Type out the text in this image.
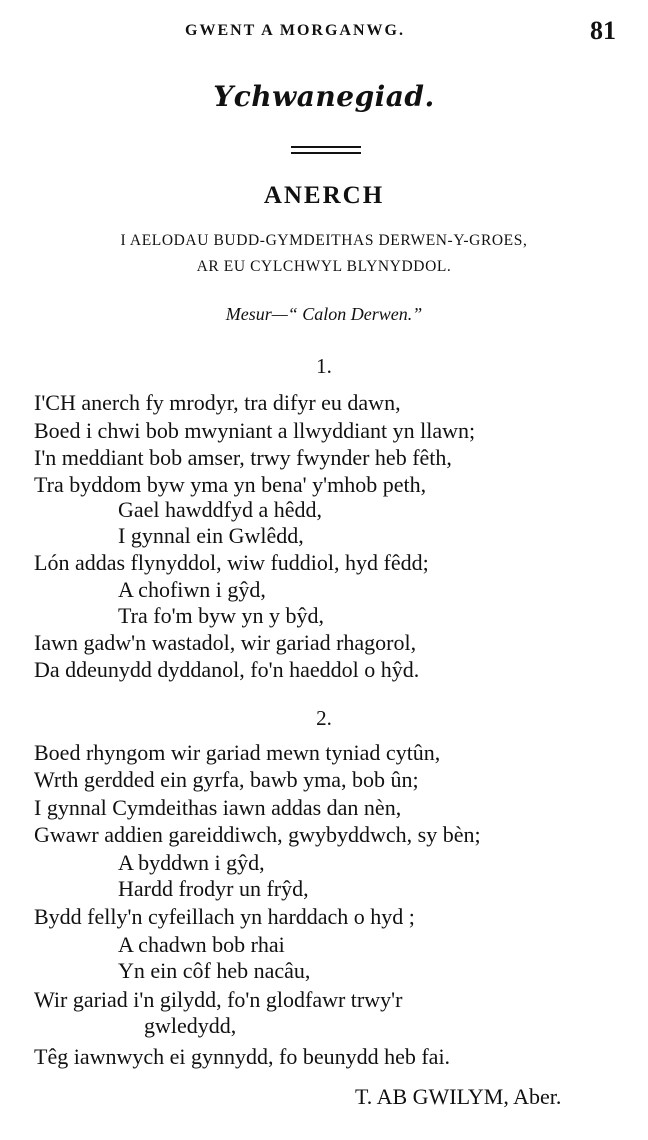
GWENT A MORGANWG.	81
Ychwanegiad.
ANERCH
I AELODAU BUDD-GYMDEITHAS DERWEN-Y-GROES,
AR EU CYLCHWYL BLYNYDDOL.
Mesur—“ Calon Derwen.”
1.
I'CH anerch fy mrodyr, tra difyr eu dawn,
Boed i chwi bob mwyniant a llwyddiant yn llawn;
I'n meddiant bob amser, trwy fwynder heb fêth,
Tra byddom byw yma yn bena' y'mhob peth,
Gael hawddfyd a hêdd,
I gynnal ein Gwlêdd,
Lón addas flynyddol, wiw fuddiol, hyd fêdd;
A chofiwn i gŷd,
Tra fo'm byw yn y bŷd,
Iawn gadw'n wastadol, wir gariad rhagorol,
Da ddeunydd dyddanol, fo'n haeddol o hŷd.
2.
Boed rhyngom wir gariad mewn tyniad cytûn,
Wrth gerdded ein gyrfa, bawb yma, bob ûn;
I gynnal Cymdeithas iawn addas dan nèn,
Gwawr addien gareiddiwch, gwybyddwch, sy bèn;
A byddwn i gŷd,
Hardd frodyr un frŷd,
Bydd felly'n cyfeillach yn harddach o hyd ;
A chadwn bob rhai
Yn ein côf heb nacâu,
Wir gariad i'n gilydd, fo'n glodfawr trwy'r
gwledydd,
Têg iawnwych ei gynnydd, fo beunydd heb fai.
T. AB GWILYM, Aber.
